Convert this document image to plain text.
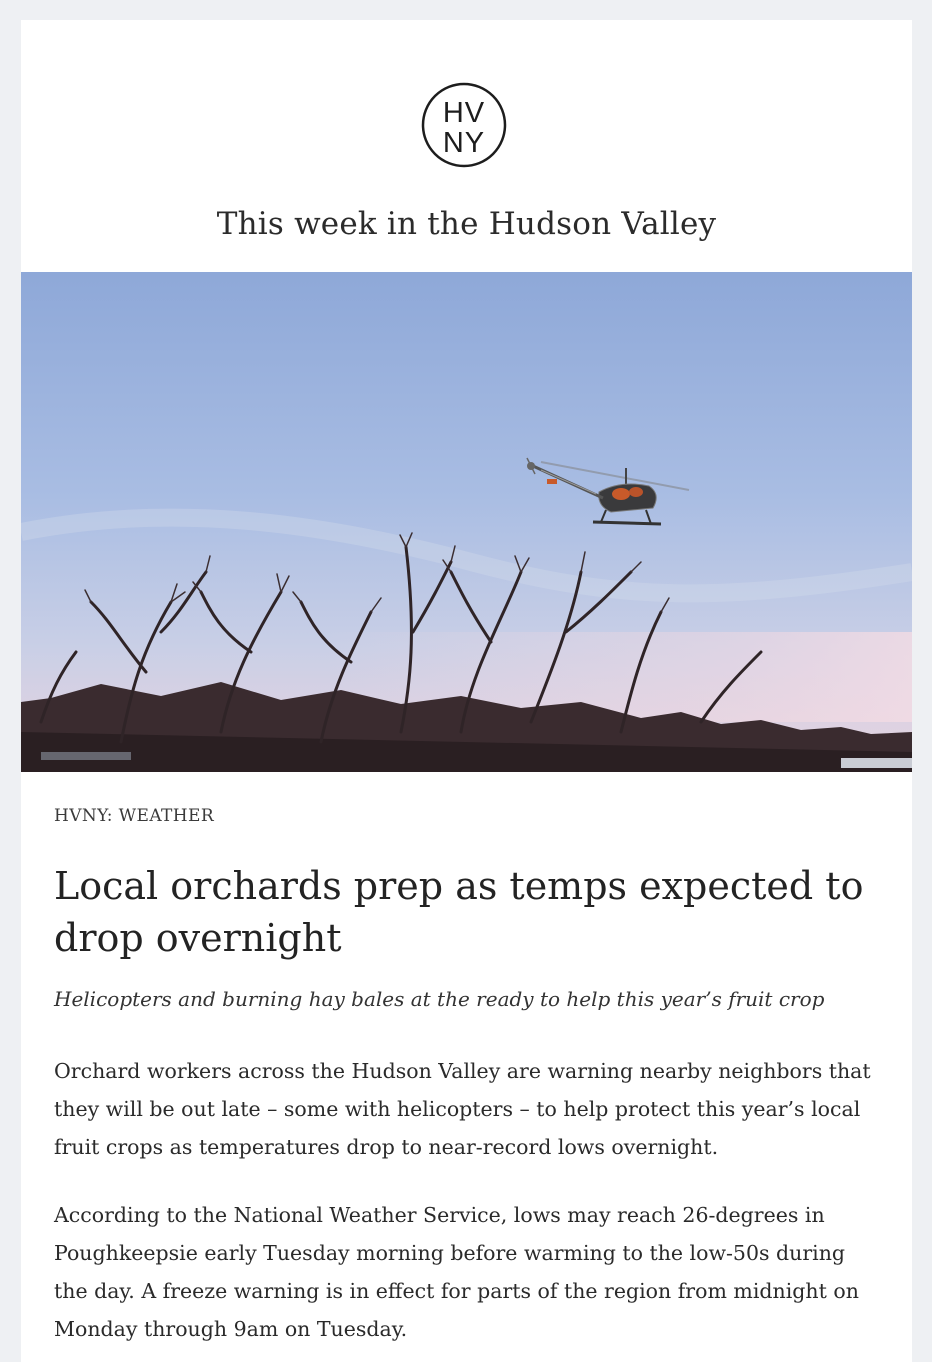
HV
NY
This week in the Hudson Valley

HVNY: WEATHER

Local orchards prep as temps expected to drop overnight

Helicopters and burning hay bales at the ready to help this year’s fruit crop

Orchard workers across the Hudson Valley are warning nearby neighbors that they will be out late – some with helicopters – to help protect this year’s local fruit crops as temperatures drop to near-record lows overnight.

According to the National Weather Service, lows may reach 26-degrees in Poughkeepsie early Tuesday morning before warming to the low-50s during the day. A freeze warning is in effect for parts of the region from midnight on Monday through 9am on Tuesday.
